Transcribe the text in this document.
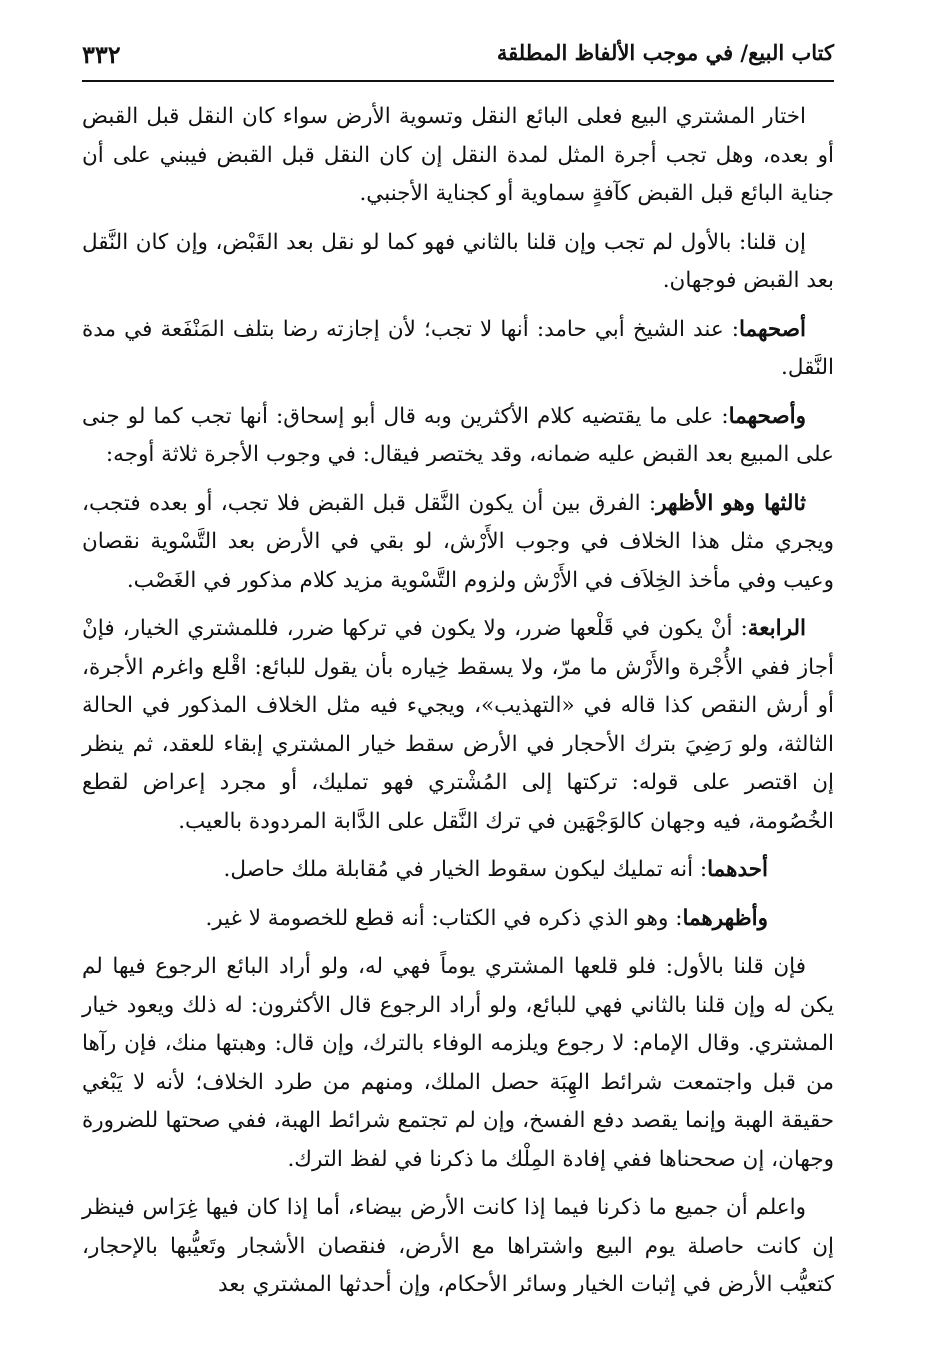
كتاب البيع/ في موجب الألفاظ المطلقة
٣٣٢

اختار المشتري البيع فعلى البائع النقل وتسوية الأرض سواء كان النقل قبل القبض أو بعده، وهل تجب أجرة المثل لمدة النقل إن كان النقل قبل القبض فيبني على أن جناية البائع قبل القبض كآفةٍ سماوية أو كجناية الأجنبي.

إن قلنا: بالأول لم تجب وإن قلنا بالثاني فهو كما لو نقل بعد القَبْض، وإن كان النَّقل بعد القبض فوجهان.

أصحهما: عند الشيخ أبي حامد: أنها لا تجب؛ لأن إجازته رضا بتلف المَنْفَعة في مدة النَّقل.

وأصحهما: على ما يقتضيه كلام الأكثرين وبه قال أبو إسحاق: أنها تجب كما لو جنى على المبيع بعد القبض عليه ضمانه، وقد يختصر فيقال: في وجوب الأجرة ثلاثة أوجه:

ثالثها وهو الأظهر: الفرق بين أن يكون النَّقل قبل القبض فلا تجب، أو بعده فتجب، ويجري مثل هذا الخلاف في وجوب الأَرْش، لو بقي في الأرض بعد التَّسْوية نقصان وعيب وفي مأخذ الخِلاَف في الأَرْش ولزوم التَّسْوية مزيد كلام مذكور في الغَصْب.

الرابعة: أنْ يكون في قَلْعها ضرر، ولا يكون في تركها ضرر، فللمشتري الخيار، فإنْ أجاز ففي الأُجْرة والأَرْش ما مرّ، ولا يسقط خِياره بأن يقول للبائع: اقْلع واغرم الأجرة، أو أرش النقص كذا قاله في «التهذيب»، ويجيء فيه مثل الخلاف المذكور في الحالة الثالثة، ولو رَضِيَ بترك الأحجار في الأرض سقط خيار المشتري إبقاء للعقد، ثم ينظر إن اقتصر على قوله: تركتها إلى المُشْتري فهو تمليك، أو مجرد إعراض لقطع الخُصُومة، فيه وجهان كالوَجْهَين في ترك النَّقل على الدَّابة المردودة بالعيب.

أحدهما: أنه تمليك ليكون سقوط الخيار في مُقابلة ملك حاصل.

وأظهرهما: وهو الذي ذكره في الكتاب: أنه قطع للخصومة لا غير.

فإن قلنا بالأول: فلو قلعها المشتري يوماً فهي له، ولو أراد البائع الرجوع فيها لم يكن له وإن قلنا بالثاني فهي للبائع، ولو أراد الرجوع قال الأكثرون: له ذلك ويعود خيار المشتري. وقال الإمام: لا رجوع ويلزمه الوفاء بالترك، وإن قال: وهبتها منك، فإن رآها من قبل واجتمعت شرائط الهِبَة حصل الملك، ومنهم من طرد الخلاف؛ لأنه لا يَبْغي حقيقة الهبة وإنما يقصد دفع الفسخ، وإن لم تجتمع شرائط الهبة، ففي صحتها للضرورة وجهان، إن صححناها ففي إفادة المِلْك ما ذكرنا في لفظ الترك.

واعلم أن جميع ما ذكرنا فيما إذا كانت الأرض بيضاء، أما إذا كان فيها غِرَاس فينظر إن كانت حاصلة يوم البيع واشتراها مع الأرض، فنقصان الأشجار وتَعيُّبها بالإحجار، كتعيُّب الأرض في إثبات الخيار وسائر الأحكام، وإن أحدثها المشتري بعد
